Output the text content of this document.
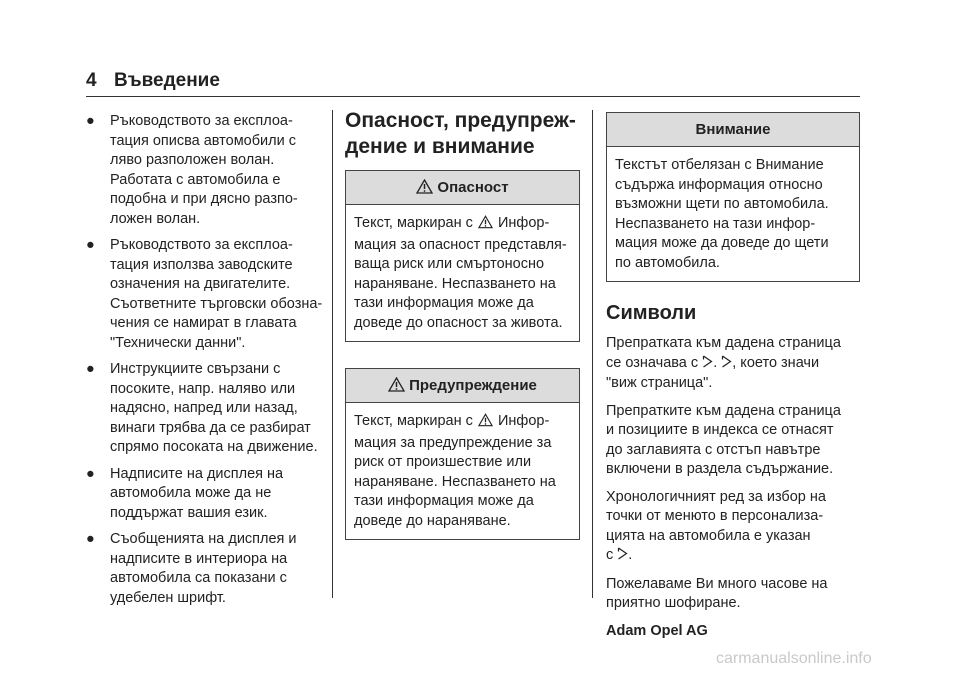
4 Въведение
● Ръководството за експлоа-
тация описва автомобили с
ляво разположен волан.
Работата с автомобила е
подобна и при дясно разпо-
ложен волан.

● Ръководството за експлоа-
тация използва заводските
означения на двигателите.
Съответните търговски обозна-
чения се намират в главата
"Технически данни".

● Инструкциите свързани с
посоките, напр. наляво или
надясно, напред или назад,
винаги трябва да се разбират
спрямо посоката на движение.

● Надписите на дисплея на
автомобила може да не
поддържат вашия език.

● Съобщенията на дисплея и
надписите в интериора на
автомобила са показани с
удебелен шрифт.

Опасност, предупреж-
дение и внимание
Опасност
Текст, маркиран с  Инфор-
мация за опасност представля-
ваща риск или смъртоносно
нараняване. Неспазването на
тази информация може да
доведе до опасност за живота.
Предупреждение
Текст, маркиран с  Инфор-
мация за предупреждение за
риск от произшествие или
нараняване. Неспазването на
тази информация може да
доведе до нараняване.
Внимание
Текстът отбелязан с Внимание
съдържа информация относно
възможни щети по автомобила.
Неспазването на тази инфор-
мация може да доведе до щети
по автомобила.
Символи

Препратката към дадена страница
се означава с . , което значи
"виж страница".

Препратките към дадена страница
и позициите в индекса се отнасят
до заглавията с отстъп навътре
включени в раздела съдържание.

Хронологичният ред за избор на
точки от менюто в персонализа-
цията на автомобила е указан
с .

Пожелаваме Ви много часове на
приятно шофиране.

Adam Opel AG

carmanualsonline.info
